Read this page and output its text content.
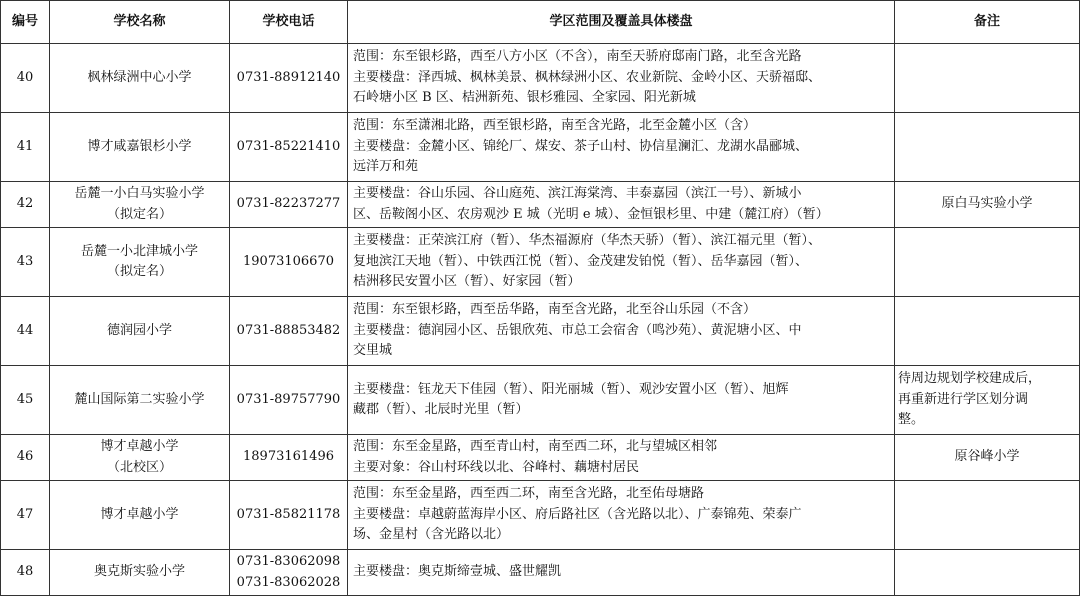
编号	学校名称	学校电话	学区范围及覆盖具体楼盘	备注
40	枫林绿洲中心小学	0731-88912140	范围：东至银杉路，西至八方小区（不含），南至天骄府邸南门路，北至含光路
主要楼盘：泽西城、枫林美景、枫林绿洲小区、农业新院、金岭小区、天骄福邸、
石岭塘小区 B 区、桔洲新苑、银杉雅园、全家园、阳光新城	

41	博才咸嘉银杉小学	0731-85221410	范围：东至潇湘北路，西至银杉路，南至含光路，北至金麓小区（含）
主要楼盘：金麓小区、锦纶厂、煤安、茶子山村、协信星澜汇、龙湖水晶郦城、
远洋万和苑	

42	岳麓一小白马实验小学
（拟定名）	0731-82237277	主要楼盘：谷山乐园、谷山庭苑、滨江海棠湾、丰泰嘉园（滨江一号）、新城小
区、岳鞍阁小区、农房观沙 E 城（光明 e 城）、金恒银杉里、中建（麓江府）（暂）	原白马实验小学

43	岳麓一小北津城小学
（拟定名）	19073106670	主要楼盘：正荣滨江府（暂）、华杰福源府（华杰天骄）（暂）、滨江福元里（暂）、
复地滨江天地（暂）、中铁西江悦（暂）、金茂建发铂悦（暂）、岳华嘉园（暂）、
桔洲移民安置小区（暂）、好家园（暂）	

44	德润园小学	0731-88853482	范围：东至银杉路，西至岳华路，南至含光路，北至谷山乐园（不含）
主要楼盘：德润园小区、岳银欣苑、市总工会宿舍（鸣沙苑）、黄泥塘小区、中
交里城	

45	麓山国际第二实验小学	0731-89757790	主要楼盘：钰龙天下佳园（暂）、阳光丽城（暂）、观沙安置小区（暂）、旭辉
藏郡（暂）、北辰时光里（暂）	待周边规划学校建成后，
再重新进行学区划分调
整。

46	博才卓越小学
（北校区）	18973161496	范围：东至金星路，西至青山村，南至西二环，北与望城区相邻
主要对象：谷山村环线以北、谷峰村、藕塘村居民	原谷峰小学

47	博才卓越小学	0731-85821178	范围：东至金星路，西至西二环，南至含光路，北至佑母塘路
主要楼盘：卓越蔚蓝海岸小区、府后路社区（含光路以北）、广泰锦苑、荣泰广
场、金星村（含光路以北）	

48	奥克斯实验小学	0731-83062098
0731-83062028	主要楼盘：奥克斯缔壹城、盛世耀凯	
